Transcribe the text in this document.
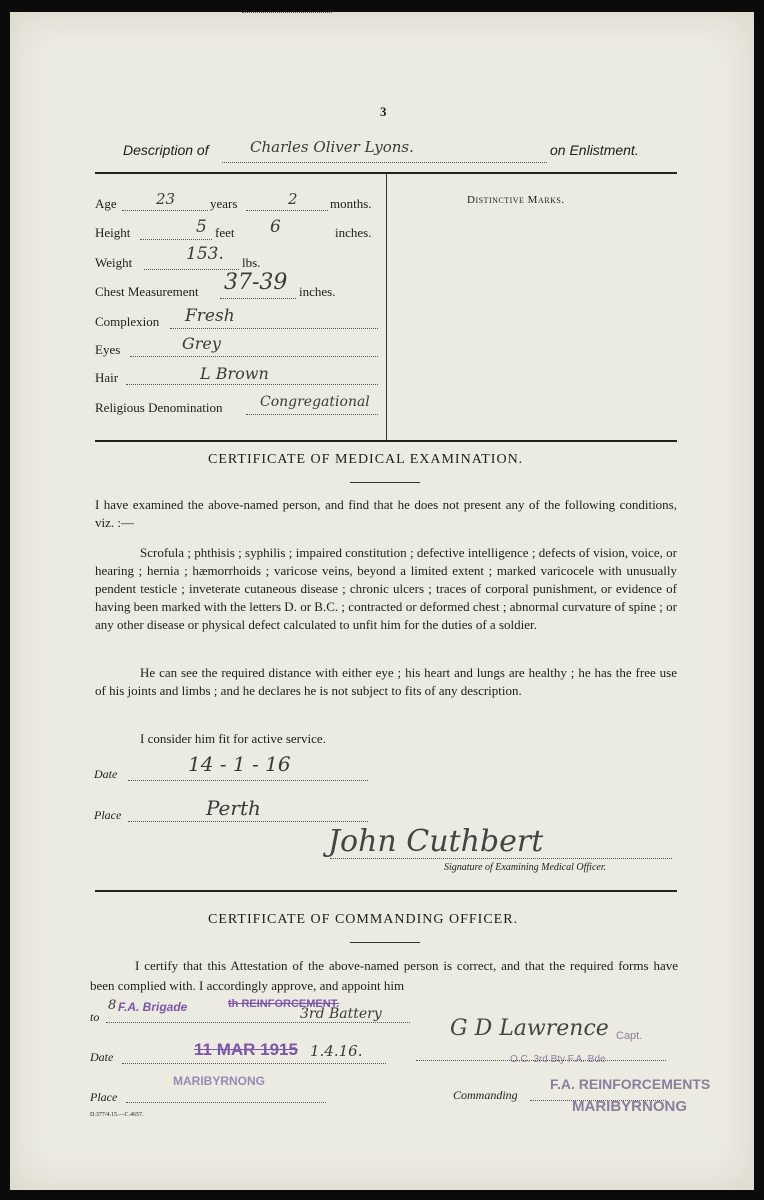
3
Description of	Charles Oliver Lyons.	on Enlistment.
Age	23	years	2 months.
Height	5 feet 6	inches.
Weight	153. lbs.
Chest Measurement 37-39 inches.
Complexion Fresh
Eyes	Grey
Hair	L Brown
Religious Denomination	Congregational
Distinctive Marks.
CERTIFICATE OF MEDICAL EXAMINATION.
I have examined the above-named person, and find that he does not present any of the following conditions, viz. :—
Scrofula ; phthisis ; syphilis ; impaired constitution ; defective intelligence ; defects of vision, voice, or hearing ; hernia ; hæmorrhoids ; varicose veins, beyond a limited extent ; marked varicocele with unusually pendent testicle ; inveterate cutaneous disease ; chronic ulcers ; traces of corporal punishment, or evidence of having been marked with the letters D. or B.C. ; contracted or deformed chest ; abnormal curvature of spine ; or any other disease or physical defect calculated to unfit him for the duties of a soldier.
He can see the required distance with either eye ; his heart and lungs are healthy ; he has the free use of his joints and limbs ; and he declares he is not subject to fits of any description.
I consider him fit for active service.
Date	14 - 1 - 16
Place	Perth
John Cuthbert
Signature of Examining Medical Officer.
CERTIFICATE OF COMMANDING OFFICER.
I certify that this Attestation of the above-named person is correct, and that the required forms have been complied with. I accordingly approve, and appoint him
to
8 F.A. Brigade	th REINFORCEMENT.
3rd Battery
Date	11 MAR 1915 1.4.16.
MARIBYRNONG
Place
G D Lawrence Capt.
O.C. 3rd Bty F.A. Bde
Commanding
F.A. REINFORCEMENTS
MARIBYRNONG
D.377/4.15.—C.4657.
